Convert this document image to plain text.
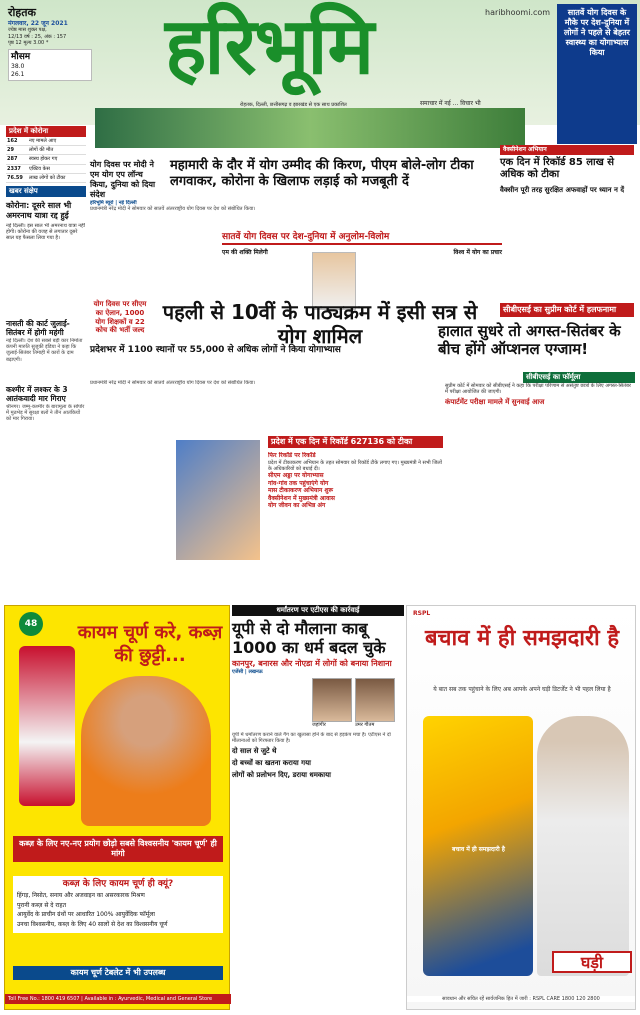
रोहतक
मंगलवार, 22 जून 2021
ज्येष्ठ मास शुक्ल पक्ष,
12/13 वर्ष : 25, अंक : 157
पृष्ठ 12 मूल्य 3.00 *
मौसम
38.0
26.1	हरिभूमि	haribhoomi.com
रोहतक, दिल्ली, छत्तीसगढ़ व झारखंड से एक साथ प्रकाशित	समाचार में नई ... विचार भी
सातवें योग दिवस के मौके पर देश-दुनिया में लोगों ने पहले से बेहतर स्वास्थ्य का योगाभ्यास किया
प्रदेश में कोरोना
162	नए मामले आए
29	लोगों की मौत
287	स्वस्थ होकर गए
2337	एक्टिव केस
76.59	लाख लोगों को टीका
खबर संक्षेप
कोरोना: दूसरे साल भी अमरनाथ यात्रा रद्द हुई
नई दिल्ली। इस साल भी अमरनाथ यात्रा नहीं होगी। कोरोना की वजह से लगातार दूसरे साल यह फैसला लिया गया है।
योग दिवस पर मोदी ने एम योग एप लॉन्च किया, दुनिया को दिया संदेश
महामारी के दौर में योग उम्मीद की किरण, पीएम बोले-लोग टीका लगवाकर, कोरोना के खिलाफ लड़ाई को मजबूती दें
हरिभूमि ब्यूरो | नई दिल्ली
प्रधानमंत्री नरेंद्र मोदी ने सोमवार को सातवें अंतरराष्ट्रीय योग दिवस पर देश को संबोधित किया।
सातवें योग दिवस पर देश-दुनिया में अनुलोम-विलोम
एम की शक्ति मिलेगी	विश्व में योग का प्रचार
वैक्सीनेशन अभियान
एक दिन में रिकॉर्ड 85 लाख से अधिक को टीका
वैक्सीन पूरी तरह सुरक्षित अफवाहों पर ध्यान न दें
योग दिवस पर सीएम का ऐलान, 1000 योग शिक्षकों व 22 कोच की भर्ती जल्द
पहली से 10वीं के पाठ्यक्रम में इसी सत्र से योग शामिल
प्रदेशभर में 1100 स्थानों पर 55,000 से अधिक लोगों ने किया योगाभ्यास
सीबीएसई का सुप्रीम कोर्ट में हलफनामा
हालात सुधरे तो अगस्त-सितंबर के बीच होंगे ऑप्शनल एग्जाम!
नासती की कार्ट जुलाई-सितंबर में होगी महंगी
नई दिल्ली। देश की सबसे बड़ी कार निर्माता कंपनी मारुति सुजुकी इंडिया ने कहा कि जुलाई-सितंबर तिमाही में कारों के दाम बढ़ाएगी।
कश्मीर में लश्कर के 3 आतंकवादी मार गिराए
श्रीनगर। जम्मू-कश्मीर के बारामूला के सोपोर में मुठभेड़ में सुरक्षा बलों ने तीन आतंकियों को मार गिराया।
प्रधानमंत्री नरेंद्र मोदी ने सोमवार को सातवें अंतरराष्ट्रीय योग दिवस पर देश को संबोधित किया।
प्रदेश में एक दिन में रिकॉर्ड 627136 को टीका
फिर रिकॉर्ड पर रिकॉर्ड
प्रदेश में टीकाकरण अभियान के तहत सोमवार को रिकॉर्ड टीके लगाए गए। मुख्यमंत्री ने सभी जिलों के अधिकारियों को बधाई दी।
सीएम अड्डा पर योगाभ्यास
गांव-गांव तक पहुंचाएंगे योग
मास टीकाकरण अभियान शुरू
वैक्सीनेशन में मुख्यमंत्री आवास
योग जीवन का अभिन्न अंग
सीबीएसई का फॉर्मूला
सुप्रीम कोर्ट में सोमवार को सीबीएसई ने कहा कि परीक्षा परिणाम से असंतुष्ट छात्रों के लिए अगस्त-सितंबर में परीक्षा आयोजित की जाएगी।
कंपार्टमेंट परीक्षा मामले में सुनवाई आज
48	कायम चूर्ण करे, कब्ज़ की छुट्टी...
कब्ज़ के लिए नए-नए प्रयोग छोड़ो सबसे विश्वसनीय 'कायम चूर्ण' ही मांगो
कब्ज़ के लिए कायम चूर्ण ही क्यूं?
हिंगड़, निसोत, सनाय और अजवाइन का असरकारक मिश्रण
पुरानी कब्ज़ से दे राहत
आयुर्वेद के प्राचीन ग्रंथों पर आधारित 100% आयुर्वेदिक फॉर्मूला
उनचा विश्वसनीय, कब्ज़ के लिए 40 सालों से देश का विश्वसनीय चूर्ण
कायम चूर्ण टेबलेट में भी उपलब्ध
Toll Free No.: 1800 419 6507 | Available in : Ayurvedic, Medical and General Store
धर्मांतरण पर एटीएस की कार्रवाई
यूपी से दो मौलाना काबू 1000 का धर्म बदल चुके
कानपुर, बनारस और नोएडा में लोगों को बनाया निशाना
एजेंसी | लखनऊ
जहांगीर	उमर गौतम
यूपी में धर्मांतरण कराने वाले गैंग का खुलासा होने के बाद से हड़कंप मचा है। एटीएस ने दो मौलानाओं को गिरफ्तार किया है।
दो साल से जुटे थे
दो बच्चों का खतना कराया गया
लोगों को प्रलोभन दिए, डराया धमकाया
RSPL
बचाव में ही समझदारी है
ये बात सब तक पहुंचाने के लिए अब आपके अपने घड़ी डिटर्जेंट ने भी पहल लिया है
बचाव में ही समझदारी है
घड़ी
सावधान और सचित रहें सार्वजनिक हित में जारी : RSPL CARE 1800 120 2800
